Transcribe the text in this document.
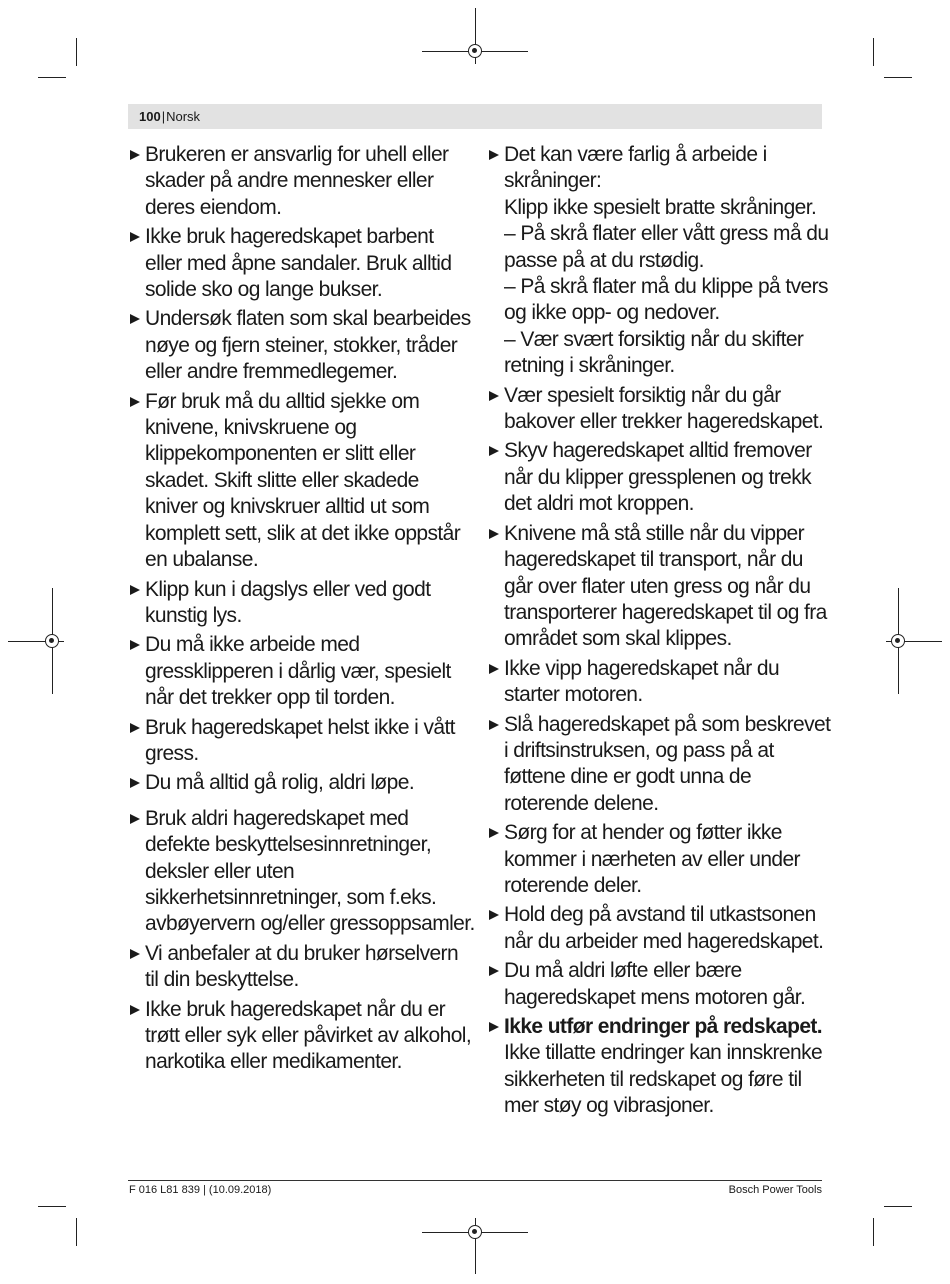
100|Norsk
Brukeren er ansvarlig for uhell eller skader på andre mennesker eller deres eiendom.
Ikke bruk hageredskapet barbent eller med åpne sandaler. Bruk alltid solide sko og lange bukser.
Undersøk flaten som skal bearbeides nøye og fjern steiner, stokker, tråder eller andre fremmedlegemer.
Før bruk må du alltid sjekke om knivene, knivskruene og klippekomponenten er slitt eller skadet. Skift slitte eller skadede kniver og knivskruer alltid ut som komplett sett, slik at det ikke oppstår en ubalanse.
Klipp kun i dagslys eller ved godt kunstig lys.
Du må ikke arbeide med gressklipperen i dårlig vær, spesielt når det trekker opp til torden.
Bruk hageredskapet helst ikke i vått gress.
Du må alltid gå rolig, aldri løpe.
Bruk aldri hageredskapet med defekte beskyttelsesinnretninger, deksler eller uten sikkerhetsinnretninger, som f.eks. avbøyervern og/eller gressoppsamler.
Vi anbefaler at du bruker hørselvern til din beskyttelse.
Ikke bruk hageredskapet når du er trøtt eller syk eller påvirket av alkohol, narkotika eller medikamenter.
Det kan være farlig å arbeide i skråninger:
Klipp ikke spesielt bratte skråninger.
– På skrå flater eller vått gress må du passe på at du rstødig.
– På skrå flater må du klippe på tvers og ikke opp- og nedover.
– Vær svært forsiktig når du skifter retning i skråninger.
Vær spesielt forsiktig når du går bakover eller trekker hageredskapet.
Skyv hageredskapet alltid fremover når du klipper gressplenen og trekk det aldri mot kroppen.
Knivene må stå stille når du vipper hageredskapet til transport, når du går over flater uten gress og når du transporterer hageredskapet til og fra området som skal klippes.
Ikke vipp hageredskapet når du starter motoren.
Slå hageredskapet på som beskrevet i driftsinstruksen, og pass på at føttene dine er godt unna de roterende delene.
Sørg for at hender og føtter ikke kommer i nærheten av eller under roterende deler.
Hold deg på avstand til utkastsonen når du arbeider med hageredskapet.
Du må aldri løfte eller bære hageredskapet mens motoren går.
Ikke utfør endringer på redskapet.
Ikke tillatte endringer kan innskrenke sikkerheten til redskapet og føre til mer støy og vibrasjoner.
F 016 L81 839 | (10.09.2018)	Bosch Power Tools
